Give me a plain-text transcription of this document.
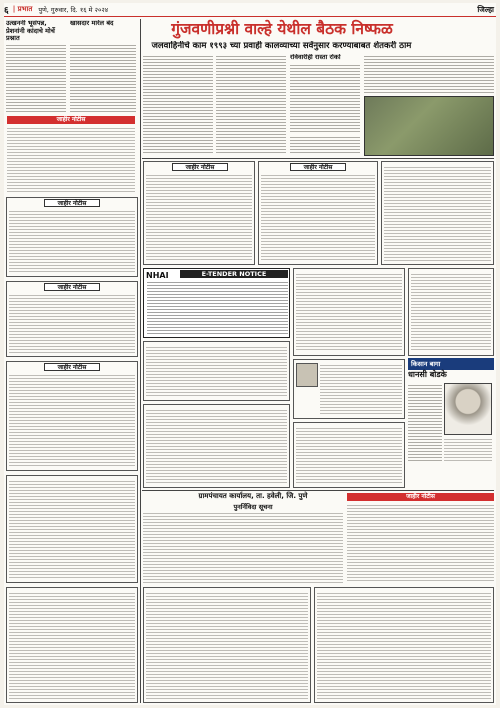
६ | प्रभात पुणे, गुरुवार, दि. १६ मे २०२४	जिल्हा
उत्खननी भूसंपन्न, प्रेशनांनी कांदाचे मोर्चे प्रश्नात
खासदार मारेल बंद
जाहीर नोटीस
जाहीर नोटीस
जाहीर नोटीस
जाहीर नोटीस
गुंजवणीप्रश्नी वाल्हे येथील बैठक निष्फळ
जलवाहिनीचे काम १९९३ च्या प्रवाही कालव्याच्या सर्वेनुसार करण्याबाबत शेतकरी ठाम
रविवारीही रास्ता रोको
जाहीर नोटीस	जाहीर नोटीस
NHAI	E-TENDER NOTICE
किसान बागा
धानसी बोडके
ग्रामपंचायत कार्यालय, ता. हवेली, जि. पुणे
पुनर्निविदा सूचना
जाहीर नोटीस
